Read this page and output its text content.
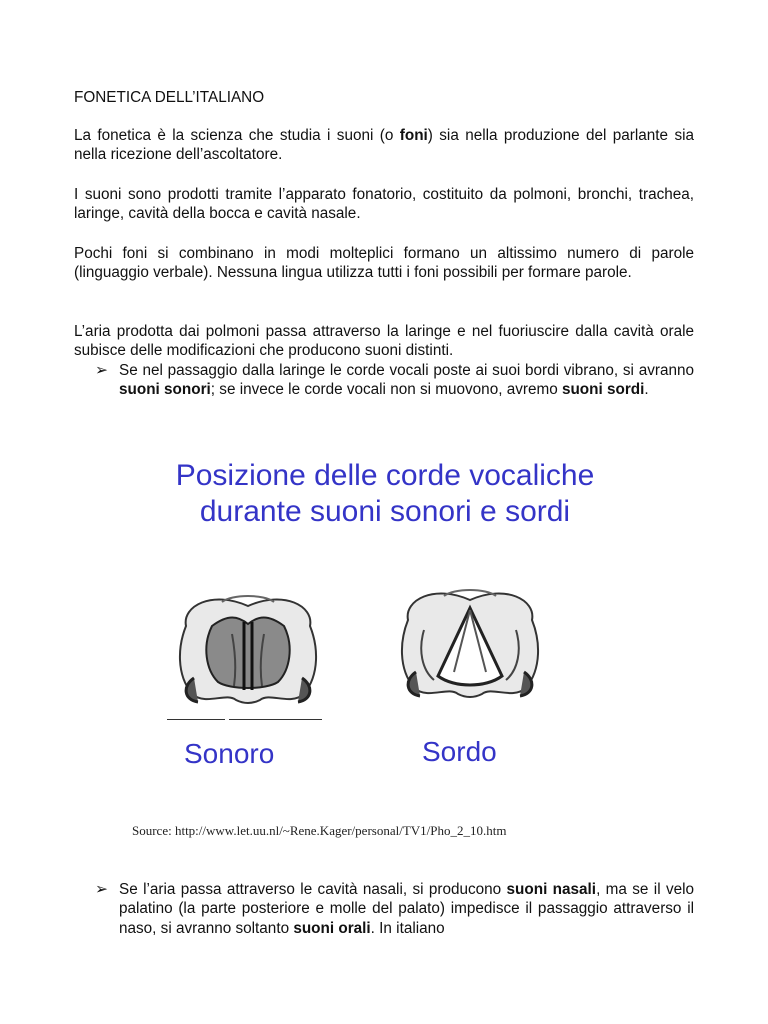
FONETICA DELL’ITALIANO
La fonetica è la scienza che studia i suoni (o foni) sia nella produzione del parlante sia nella ricezione dell’ascoltatore.
I suoni sono prodotti tramite l’apparato fonatorio, costituito da polmoni, bronchi, trachea, laringe, cavità della bocca e cavità nasale.
Pochi foni si combinano in modi molteplici formano un altissimo numero di parole (linguaggio verbale). Nessuna lingua utilizza tutti i foni possibili per formare parole.
L’aria prodotta dai polmoni passa attraverso la laringe e nel fuoriuscire dalla cavità orale subisce delle modificazioni che producono suoni distinti.
➢ Se nel passaggio dalla laringe le corde vocali poste ai suoi bordi vibrano, si avranno suoni sonori; se invece le corde vocali non si muovono, avremo suoni sordi.
Posizione delle corde vocaliche
durante suoni sonori e sordi
Sonoro	Sordo
Source: http://www.let.uu.nl/~Rene.Kager/personal/TV1/Pho_2_10.htm
➢ Se l’aria passa attraverso le cavità nasali, si producono suoni nasali, ma se il velo palatino (la parte posteriore e molle del palato) impedisce il passaggio attraverso il naso, si avranno soltanto suoni orali. In italiano
